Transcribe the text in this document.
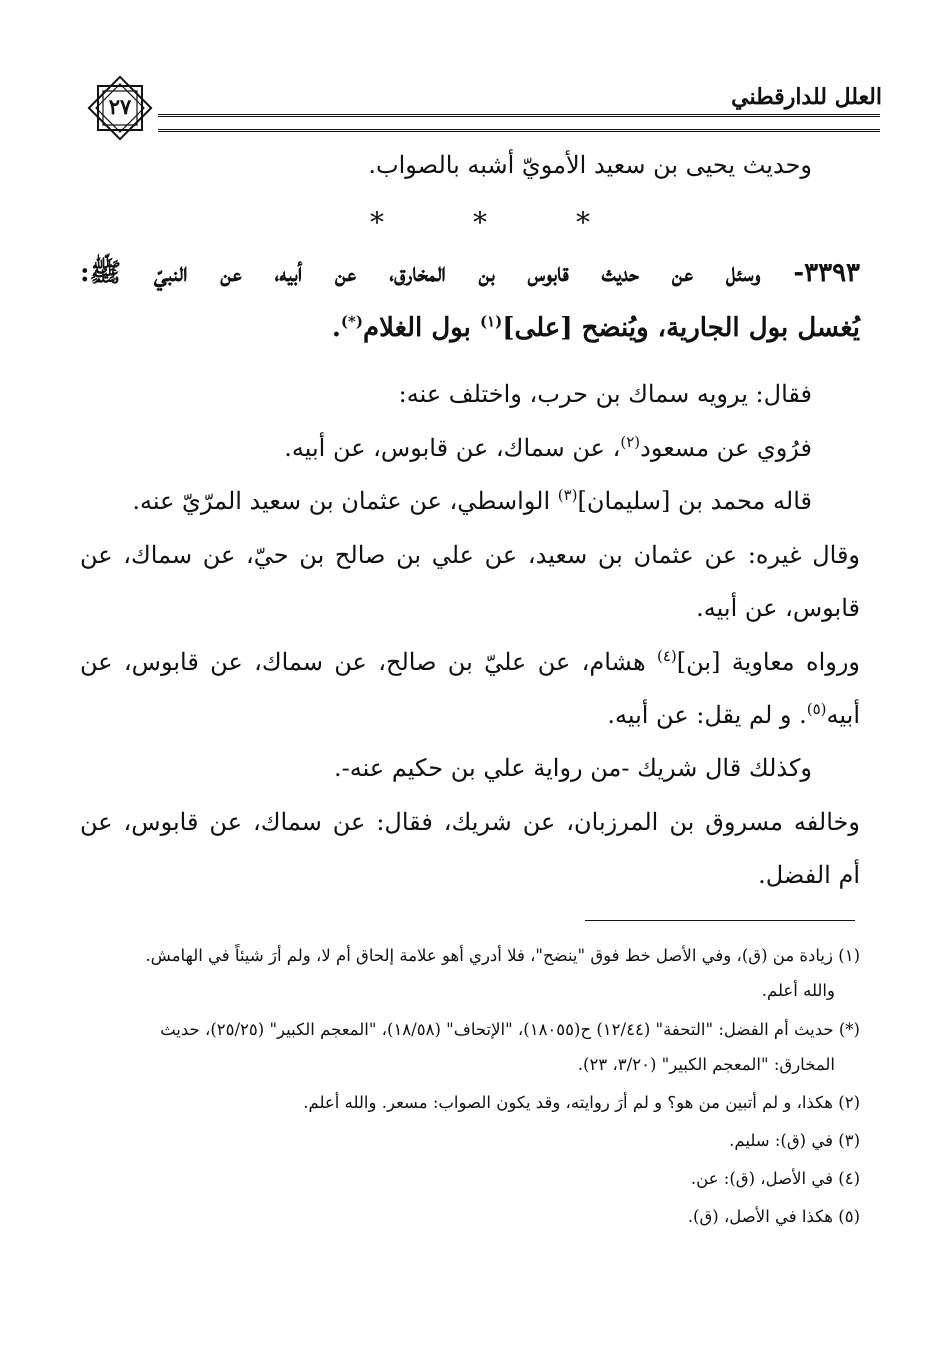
العلل للدارقطني
٢٧
وحديث يحيى بن سعيد الأمويّ أشبه بالصواب.
*	*	*
٣٣٩٣- وسئل عن حديث قابوس بن المخارق، عن أبيه، عن النبيّ ﷺ:
يُغسل بول الجارية، ويُنضح [على]$^{(١)}$ بول الغلام(*).
فقال: يرويه سماك بن حرب، واختلف عنه:
فرُوي عن مسعود$^{(٢)}$، عن سماك، عن قابوس، عن أبيه.
قاله محمد بن [سليمان]$^{(٣)}$ الواسطي، عن عثمان بن سعيد المرّيّ عنه.
وقال غيره: عن عثمان بن سعيد، عن علي بن صالح بن حيّ، عن سماك، عن
قابوس، عن أبيه.
ورواه معاوية [بن]$^{(٤)}$ هشام، عن عليّ بن صالح، عن سماك، عن قابوس، عن
أبيه$^{(٥)}$. و لم يقل: عن أبيه.
وكذلك قال شريك -من رواية علي بن حكيم عنه-.
وخالفه مسروق بن المرزبان، عن شريك، فقال: عن سماك، عن قابوس، عن
أم الفضل.
(١) زيادة من (ق)، وفي الأصل خط فوق "ينضح"، فلا أدري أهو علامة إلحاق أم لا، ولم أرَ شيئاً في الهامش.
والله أعلم.
(*) حديث أم الفضل: "التحفة" (١٢/٤٤) ح(١٨٠٥٥)، "الإتحاف" (١٨/٥٨)، "المعجم الكبير" (٢٥/٢٥)، حديث
المخارق: "المعجم الكبير" (٣/٢٠، ٢٣).
(٢) هكذا، و لم أتبين من هو؟ و لم أرَ روايته، وقد يكون الصواب: مسعر. والله أعلم.
(٣) في (ق): سليم.
(٤) في الأصل، (ق): عن.
(٥) هكذا في الأصل، (ق).
